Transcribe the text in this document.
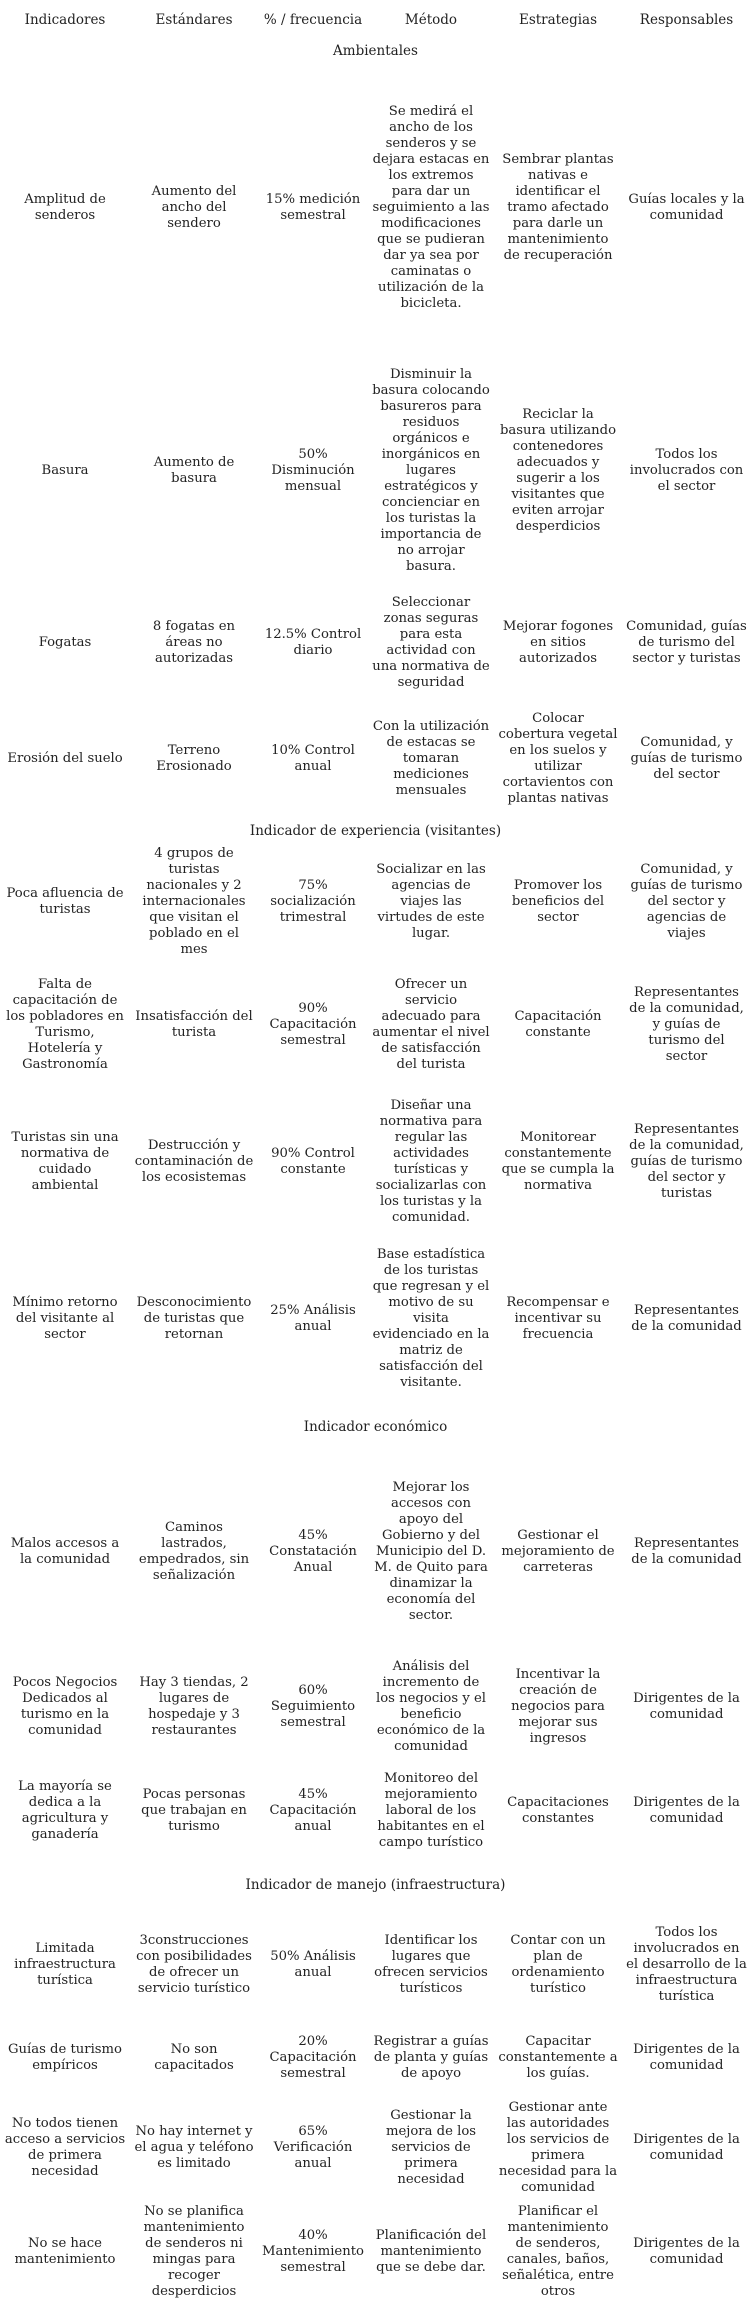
Indicadores	Estándares	% / frecuencia	Método	Estrategias	Responsables
Ambientales					
Amplitud de senderos	Aumento del ancho del sendero	15% medición semestral	Se medirá el ancho de los senderos y se dejara estacas en los extremos para dar un seguimiento a las modificaciones que se pudieran dar ya sea por caminatas o utilización de la bicicleta.	Sembrar plantas nativas e identificar el tramo afectado para darle un mantenimiento de recuperación	Guías locales y la comunidad
Basura	Aumento de basura	50% Disminución mensual	Disminuir la basura colocando basureros para residuos orgánicos e inorgánicos en lugares estratégicos y concienciar en los turistas la importancia de no arrojar basura.	Reciclar la basura utilizando contenedores adecuados y sugerir a los visitantes que eviten arrojar desperdicios	Todos los involucrados con el sector
Fogatas	8 fogatas en áreas no autorizadas	12.5% Control diario	Seleccionar zonas seguras para esta actividad con una normativa de seguridad	Mejorar fogones en sitios autorizados	Comunidad, guías de turismo del sector y turistas
Erosión del suelo	Terreno Erosionado	10% Control anual	Con la utilización de estacas se tomaran mediciones mensuales	Colocar cobertura vegetal en los suelos y utilizar cortavientos con plantas nativas	Comunidad, y guías de turismo del sector
Indicador de experiencia (visitantes)					
Poca afluencia de turistas	4 grupos de turistas nacionales y 2 internacionales que visitan el poblado en el mes	75% socialización trimestral	Socializar en las agencias de viajes las virtudes de este lugar.	Promover los beneficios del sector	Comunidad, y guías de turismo del sector y agencias de viajes
Falta de capacitación de los pobladores en Turismo, Hotelería y Gastronomía	Insatisfacción del turista	90% Capacitación semestral	Ofrecer un servicio adecuado para aumentar el nivel de satisfacción del turista	Capacitación constante	Representantes de la comunidad, y guías de turismo del sector
Turistas sin una normativa de cuidado ambiental	Destrucción y contaminación de los ecosistemas	90% Control constante	Diseñar una normativa para regular las actividades turísticas y socializarlas con los turistas y la comunidad.	Monitorear constantemente que se cumpla la normativa	Representantes de la comunidad, guías de turismo del sector y turistas
Mínimo retorno del visitante al sector	Desconocimiento de turistas que retornan	25% Análisis anual	Base estadística de los turistas que regresan y el motivo de su visita evidenciado en la matriz de satisfacción del visitante.	Recompensar e incentivar su frecuencia	Representantes de la comunidad
Indicador económico					
Malos accesos a la comunidad	Caminos lastrados, empedrados, sin señalización	45% Constatación Anual	Mejorar los accesos con apoyo del Gobierno y del Municipio del D. M. de Quito para dinamizar la economía del sector.	Gestionar el mejoramiento de carreteras	Representantes de la comunidad
Pocos Negocios Dedicados al turismo en la comunidad	Hay 3 tiendas, 2 lugares de hospedaje y 3 restaurantes	60% Seguimiento semestral	Análisis del incremento de los negocios y el beneficio económico de la comunidad	Incentivar la creación de negocios para mejorar sus ingresos	Dirigentes de la comunidad
La mayoría se dedica a la agricultura y ganadería	Pocas personas que trabajan en turismo	45% Capacitación anual	Monitoreo del mejoramiento laboral de los habitantes en el campo turístico	Capacitaciones constantes	Dirigentes de la comunidad
Indicador de manejo (infraestructura)					
Limitada infraestructura turística	3construcciones con posibilidades de ofrecer un servicio turístico	50% Análisis anual	Identificar los lugares que ofrecen servicios turísticos	Contar con un plan de ordenamiento turístico	Todos los involucrados en el desarrollo de la infraestructura turística
Guías de turismo empíricos	No son capacitados	20% Capacitación semestral	Registrar a guías de planta y guías de apoyo	Capacitar constantemente a los guías.	Dirigentes de la comunidad
No todos tienen acceso a servicios de primera necesidad	No hay internet y el agua y teléfono es limitado	65% Verificación anual	Gestionar la mejora de los servicios de primera necesidad	Gestionar ante las autoridades los servicios de primera necesidad para la comunidad	Dirigentes de la comunidad
No se hace mantenimiento	No se planifica mantenimiento de senderos ni mingas para recoger desperdicios	40% Mantenimiento semestral	Planificación del mantenimiento que se debe dar.	Planificar el mantenimiento de senderos, canales, baños, señalética, entre otros	Dirigentes de la comunidad
